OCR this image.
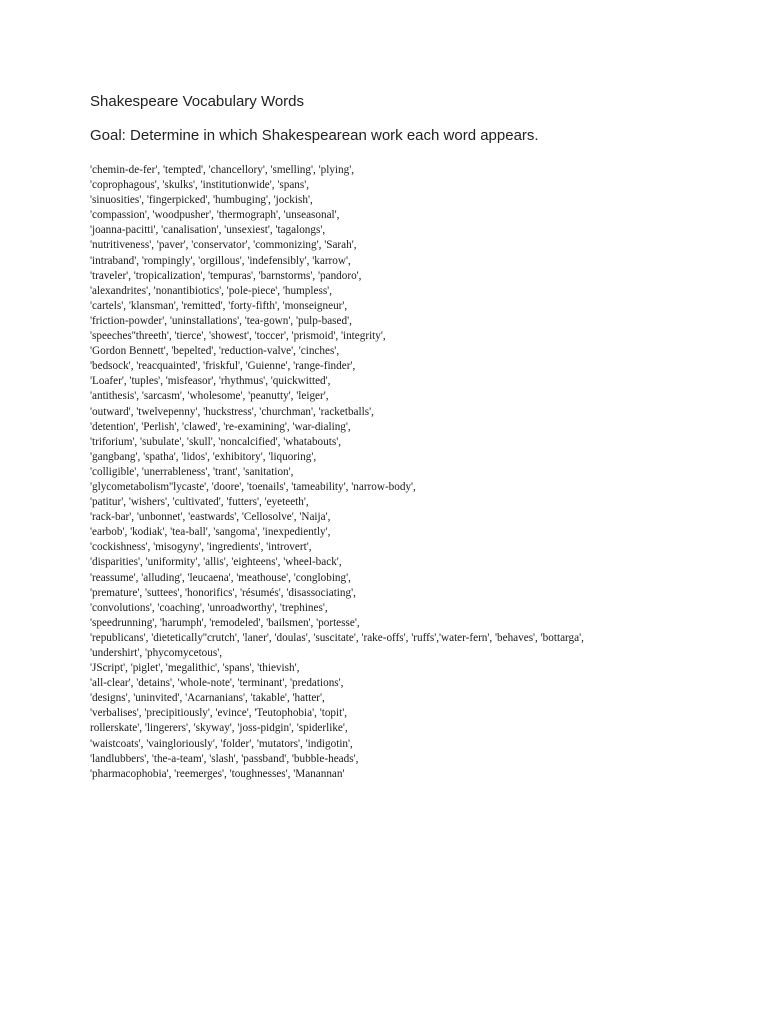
Shakespeare Vocabulary Words
Goal: Determine in which Shakespearean work each word appears.
'chemin-de-fer', 'tempted', 'chancellory', 'smelling', 'plying',
'coprophagous', 'skulks', 'institutionwide', 'spans',
'sinuosities', 'fingerpicked', 'humbuging', 'jockish',
'compassion', 'woodpusher', 'thermograph', 'unseasonal',
'joanna-pacitti', 'canalisation', 'unsexiest', 'tagalongs',
'nutritiveness', 'paver', 'conservator', 'commonizing', 'Sarah',
'intraband', 'rompingly', 'orgillous', 'indefensibly', 'karrow',
'traveler', 'tropicalization', 'tempuras', 'barnstorms', 'pandoro',
'alexandrites', 'nonantibiotics', 'pole-piece', 'humpless',
'cartels', 'klansman', 'remitted', 'forty-fifth', 'monseigneur',
'friction-powder', 'uninstallations', 'tea-gown', 'pulp-based',
'speeches''threeth', 'tierce', 'showest', 'toccer', 'prismoid', 'integrity',
'Gordon Bennett', 'bepelted', 'reduction-valve', 'cinches',
'bedsock', 'reacquainted', 'friskful', 'Guienne', 'range-finder',
'Loafer', 'tuples', 'misfeasor', 'rhythmus', 'quickwitted',
'antithesis', 'sarcasm', 'wholesome', 'peanutty', 'leiger',
'outward', 'twelvepenny', 'huckstress', 'churchman', 'racketballs',
'detention', 'Perlish', 'clawed', 're-examining', 'war-dialing',
'triforium', 'subulate', 'skull', 'noncalcified', 'whatabouts',
'gangbang', 'spatha', 'lidos', 'exhibitory', 'liquoring',
'colligible', 'unerrableness', 'trant', 'sanitation',
'glycometabolism''lycaste', 'doore', 'toenails', 'tameability', 'narrow-body',
'patitur', 'wishers', 'cultivated', 'futters', 'eyeteeth',
'rack-bar', 'unbonnet', 'eastwards', 'Cellosolve', 'Naija',
'earbob', 'kodiak', 'tea-ball', 'sangoma', 'inexpediently',
'cockishness', 'misogyny', 'ingredients', 'introvert',
'disparities', 'uniformity', 'allis', 'eighteens', 'wheel-back',
'reassume', 'alluding', 'leucaena', 'meathouse', 'conglobing',
'premature', 'suttees', 'honorifics', 'résumés', 'disassociating',
'convolutions', 'coaching', 'unroadworthy', 'trephines',
'speedrunning', 'harumph', 'remodeled', 'bailsmen', 'portesse',
'republicans', 'dietetically''crutch', 'laner', 'doulas', 'suscitate', 'rake-offs', 'ruffs','water-fern', 'behaves', 'bottarga',
'undershirt', 'phycomycetous',
'JScript', 'piglet', 'megalithic', 'spans', 'thievish',
'all-clear', 'detains', 'whole-note', 'terminant', 'predations',
'designs', 'uninvited', 'Acarnanians', 'takable', 'hatter',
'verbalises', 'precipitiously', 'evince', 'Teutophobia', 'topit',
rollerskate', 'lingerers', 'skyway', 'joss-pidgin', 'spiderlike',
'waistcoats', 'vaingloriously', 'folder', 'mutators', 'indigotin',
'landlubbers', 'the-a-team', 'slash', 'passband', 'bubble-heads',
'pharmacophobia', 'reemerges', 'toughnesses', 'Manannan'
